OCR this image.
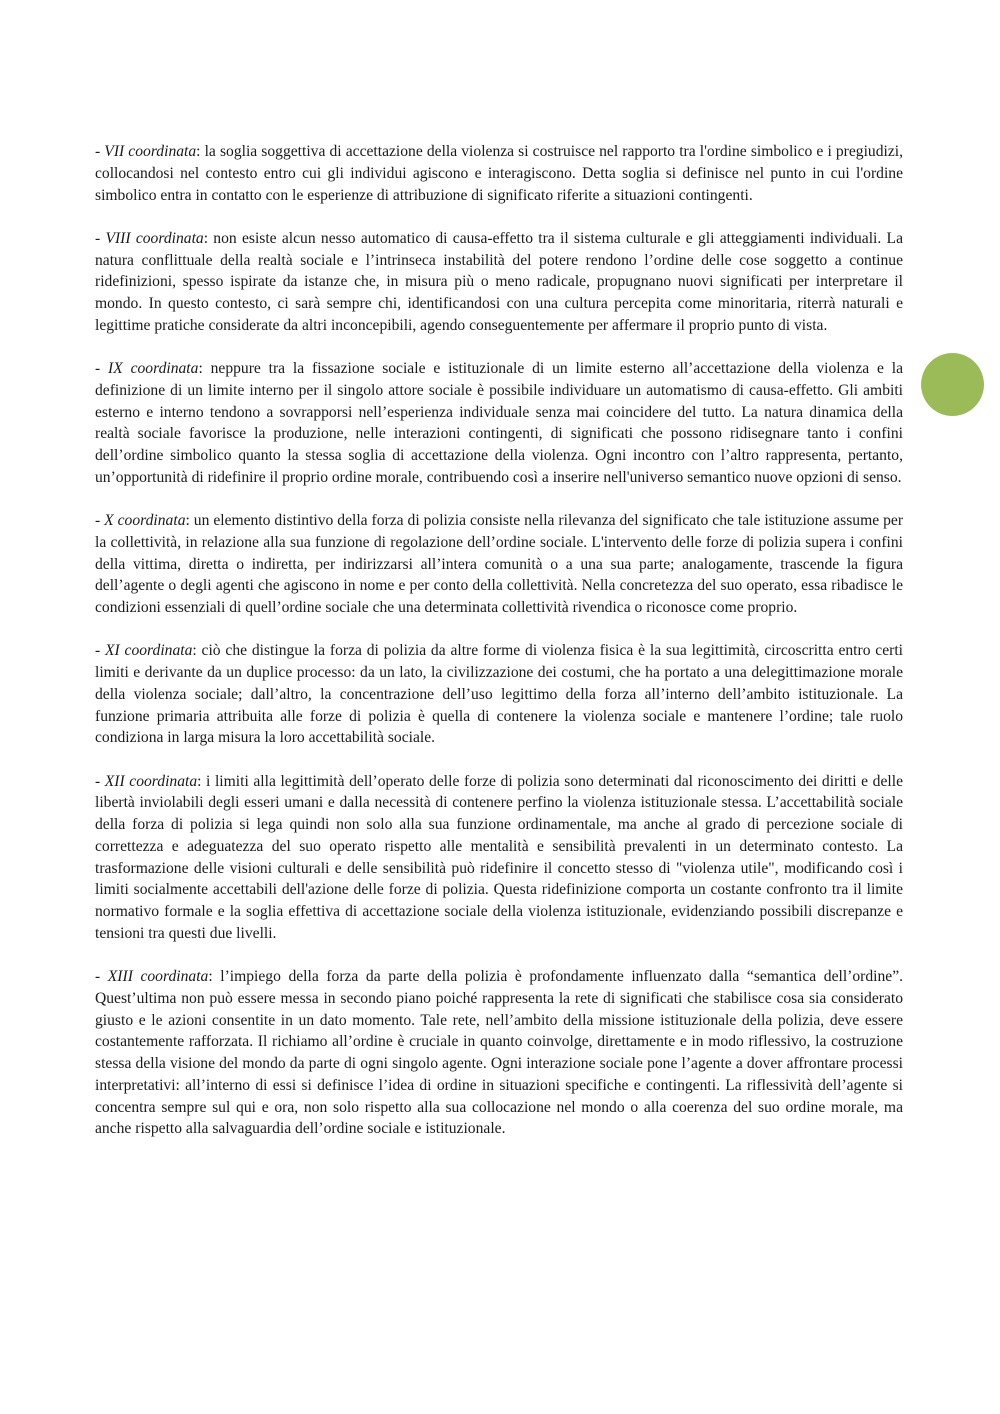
- VII coordinata: la soglia soggettiva di accettazione della violenza si costruisce nel rapporto tra l'ordine simbolico e i pregiudizi, collocandosi nel contesto entro cui gli individui agiscono e interagiscono. Detta soglia si definisce nel punto in cui l'ordine simbolico entra in contatto con le esperienze di attribuzione di significato riferite a situazioni contingenti.

- VIII coordinata: non esiste alcun nesso automatico di causa-effetto tra il sistema culturale e gli atteggiamenti individuali. La natura conflittuale della realtà sociale e l’intrinseca instabilità del potere rendono l’ordine delle cose soggetto a continue ridefinizioni, spesso ispirate da istanze che, in misura più o meno radicale, propugnano nuovi significati per interpretare il mondo. In questo contesto, ci sarà sempre chi, identificandosi con una cultura percepita come minoritaria, riterrà naturali e legittime pratiche considerate da altri inconcepibili, agendo conseguentemente per affermare il proprio punto di vista.

- IX coordinata: neppure tra la fissazione sociale e istituzionale di un limite esterno all’accettazione della violenza e la definizione di un limite interno per il singolo attore sociale è possibile individuare un automatismo di causa-effetto. Gli ambiti esterno e interno tendono a sovrapporsi nell’esperienza individuale senza mai coincidere del tutto. La natura dinamica della realtà sociale favorisce la produzione, nelle interazioni contingenti, di significati che possono ridisegnare tanto i confini dell’ordine simbolico quanto la stessa soglia di accettazione della violenza. Ogni incontro con l’altro rappresenta, pertanto, un’opportunità di ridefinire il proprio ordine morale, contribuendo così a inserire nell'universo semantico nuove opzioni di senso.

- X coordinata: un elemento distintivo della forza di polizia consiste nella rilevanza del significato che tale istituzione assume per la collettività, in relazione alla sua funzione di regolazione dell’ordine sociale. L'intervento delle forze di polizia supera i confini della vittima, diretta o indiretta, per indirizzarsi all’intera comunità o a una sua parte; analogamente, trascende la figura dell’agente o degli agenti che agiscono in nome e per conto della collettività. Nella concretezza del suo operato, essa ribadisce le condizioni essenziali di quell’ordine sociale che una determinata collettività rivendica o riconosce come proprio.

- XI coordinata: ciò che distingue la forza di polizia da altre forme di violenza fisica è la sua legittimità, circoscritta entro certi limiti e derivante da un duplice processo: da un lato, la civilizzazione dei costumi, che ha portato a una delegittimazione morale della violenza sociale; dall’altro, la concentrazione dell’uso legittimo della forza all’interno dell’ambito istituzionale. La funzione primaria attribuita alle forze di polizia è quella di contenere la violenza sociale e mantenere l’ordine; tale ruolo condiziona in larga misura la loro accettabilità sociale.

- XII coordinata: i limiti alla legittimità dell’operato delle forze di polizia sono determinati dal riconoscimento dei diritti e delle libertà inviolabili degli esseri umani e dalla necessità di contenere perfino la violenza istituzionale stessa. L’accettabilità sociale della forza di polizia si lega quindi non solo alla sua funzione ordinamentale, ma anche al grado di percezione sociale di correttezza e adeguatezza del suo operato rispetto alle mentalità e sensibilità prevalenti in un determinato contesto. La trasformazione delle visioni culturali e delle sensibilità può ridefinire il concetto stesso di "violenza utile", modificando così i limiti socialmente accettabili dell'azione delle forze di polizia. Questa ridefinizione comporta un costante confronto tra il limite normativo formale e la soglia effettiva di accettazione sociale della violenza istituzionale, evidenziando possibili discrepanze e tensioni tra questi due livelli.

- XIII coordinata: l’impiego della forza da parte della polizia è profondamente influenzato dalla “semantica dell’ordine”. Quest’ultima non può essere messa in secondo piano poiché rappresenta la rete di significati che stabilisce cosa sia considerato giusto e le azioni consentite in un dato momento. Tale rete, nell’ambito della missione istituzionale della polizia, deve essere costantemente rafforzata. Il richiamo all’ordine è cruciale in quanto coinvolge, direttamente e in modo riflessivo, la costruzione stessa della visione del mondo da parte di ogni singolo agente. Ogni interazione sociale pone l’agente a dover affrontare processi interpretativi: all’interno di essi si definisce l’idea di ordine in situazioni specifiche e contingenti. La riflessività dell’agente si concentra sempre sul qui e ora, non solo rispetto alla sua collocazione nel mondo o alla coerenza del suo ordine morale, ma anche rispetto alla salvaguardia dell’ordine sociale e istituzionale.
